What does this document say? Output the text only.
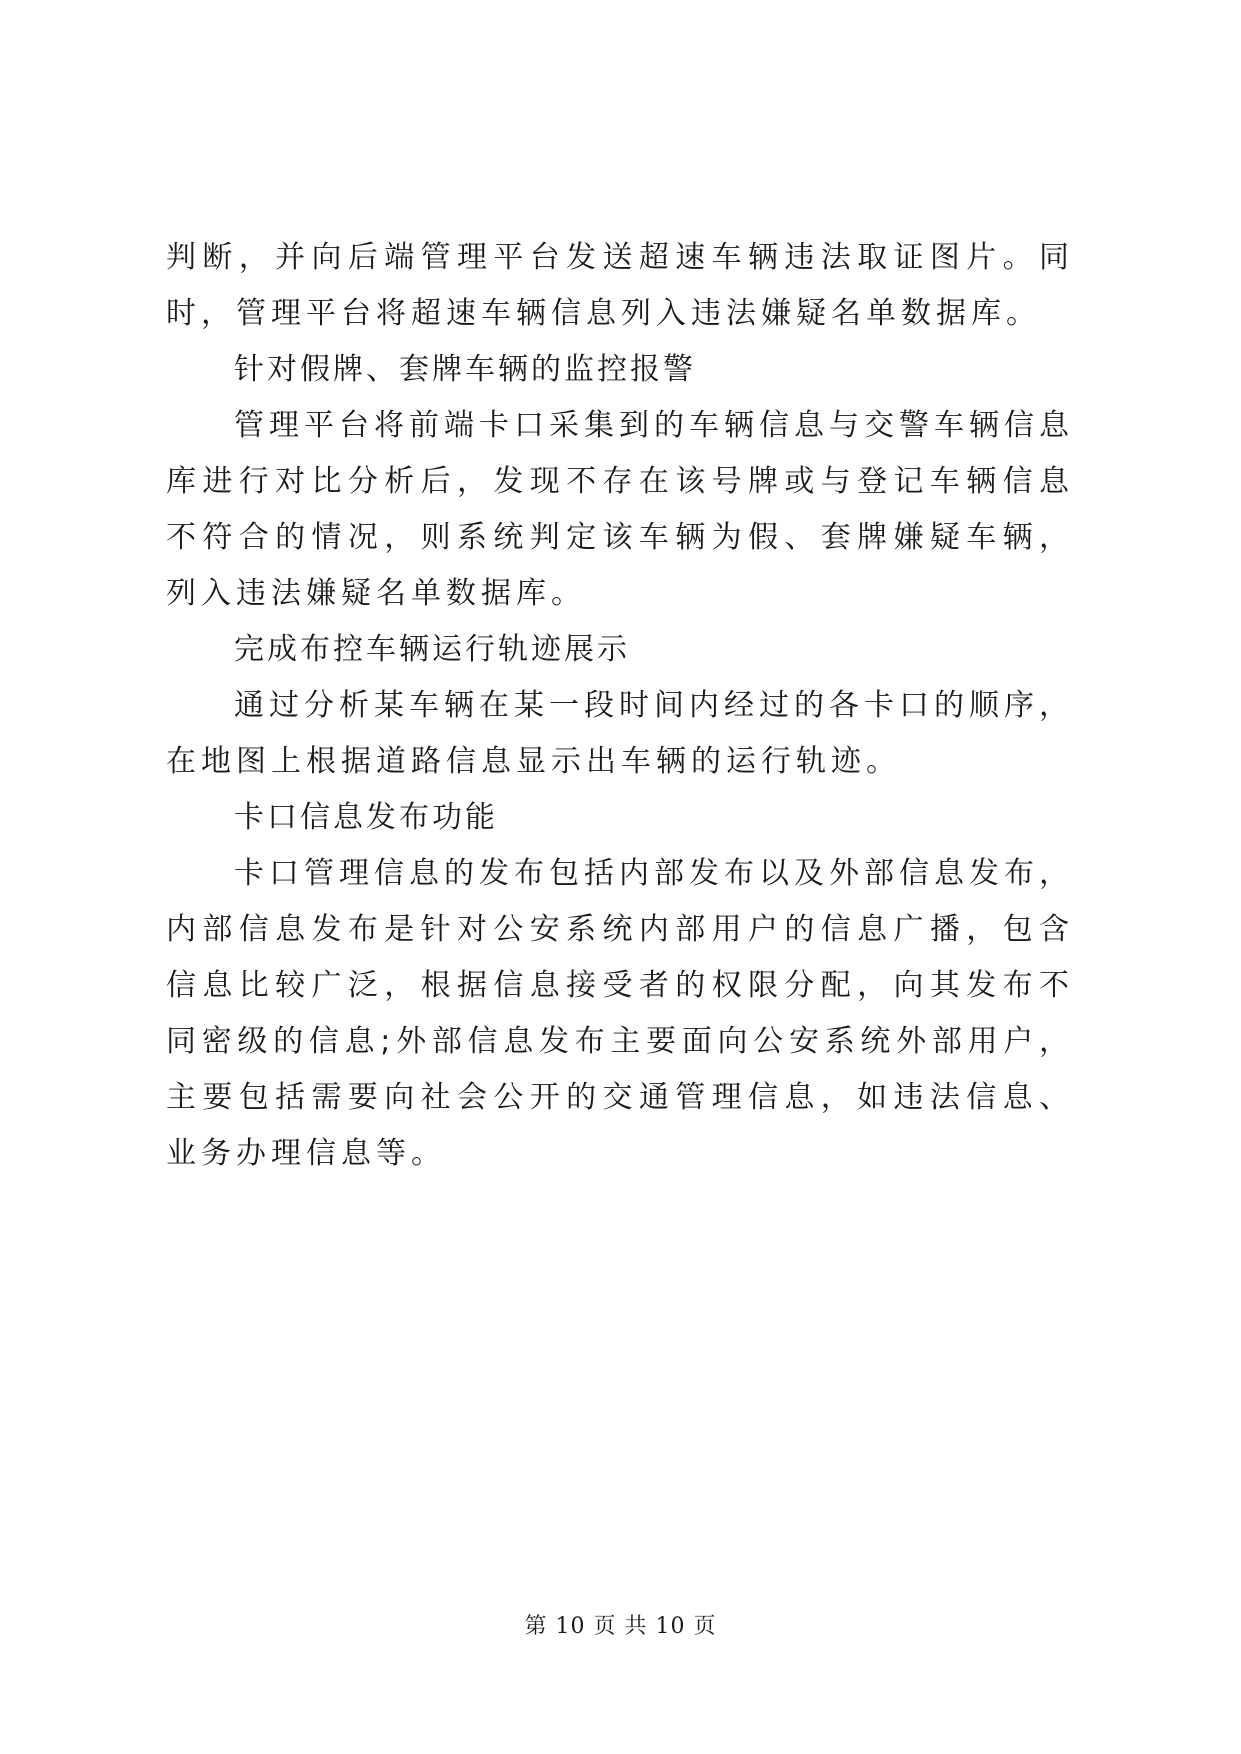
判断，并向后端管理平台发送超速车辆违法取证图片。同时，管理平台将超速车辆信息列入违法嫌疑名单数据库。

针对假牌、套牌车辆的监控报警

管理平台将前端卡口采集到的车辆信息与交警车辆信息库进行对比分析后，发现不存在该号牌或与登记车辆信息不符合的情况，则系统判定该车辆为假、套牌嫌疑车辆，列入违法嫌疑名单数据库。

完成布控车辆运行轨迹展示

通过分析某车辆在某一段时间内经过的各卡口的顺序，在地图上根据道路信息显示出车辆的运行轨迹。

卡口信息发布功能

卡口管理信息的发布包括内部发布以及外部信息发布，内部信息发布是针对公安系统内部用户的信息广播，包含信息比较广泛，根据信息接受者的权限分配，向其发布不同密级的信息;外部信息发布主要面向公安系统外部用户，主要包括需要向社会公开的交通管理信息，如违法信息、业务办理信息等。

第 10 页 共 10 页
